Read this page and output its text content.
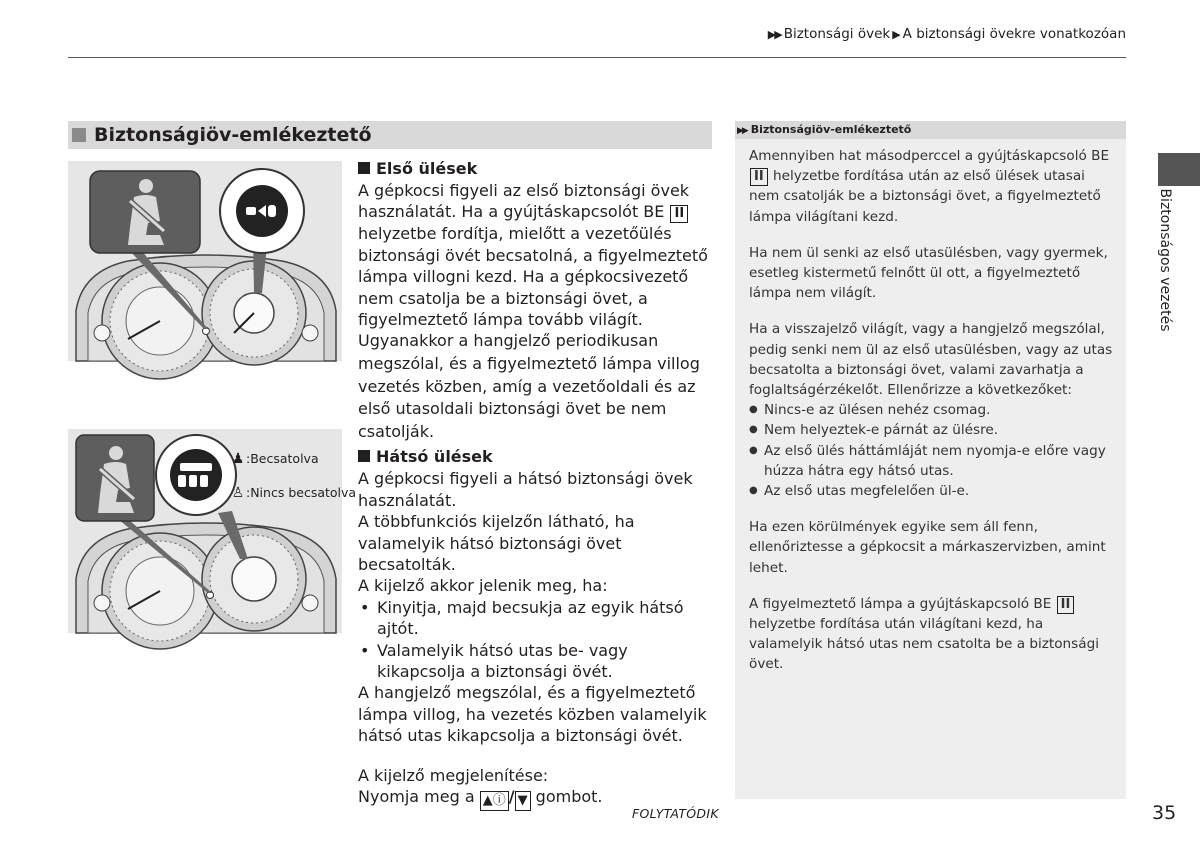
▶▶ Biztonsági övek ▶ A biztonsági övekre vonatkozóan
Biztonságiöv-emlékeztető
♟ :Becsatolva
♙ :Nincs becsatolva
Első ülések

A gépkocsi figyeli az első biztonsági övek használatát. Ha a gyújtáskapcsolót BE II helyzetbe fordítja, mielőtt a vezetőülés biztonsági övét becsatolná, a figyelmeztető lámpa villogni kezd. Ha a gépkocsivezető nem csatolja be a biztonsági övet, a figyelmeztető lámpa tovább világít.

Ugyanakkor a hangjelző periodikusan megszólal, és a figyelmeztető lámpa villog vezetés közben, amíg a vezetőoldali és az első utasoldali biztonsági övet be nem csatolják.

Hátsó ülések

A gépkocsi figyeli a hátsó biztonsági övek használatát.

A többfunkciós kijelzőn látható, ha valamelyik hátsó biztonsági övet becsatolták.

A kijelző akkor jelenik meg, ha:

• Kinyitja, majd becsukja az egyik hátsó ajtót.
• Valamelyik hátsó utas be- vagy kikapcsolja a biztonsági övét.

A hangjelző megszólal, és a figyelmeztető lámpa villog, ha vezetés közben valamelyik hátsó utas kikapcsolja a biztonsági övét.

A kijelző megjelenítése:

Nyomja meg a ▲ⓘ / ▼ gombot.

▶▶ Biztonságiöv-emlékeztető

Amennyiben hat másodperccel a gyújtáskapcsoló BE II helyzetbe fordítása után az első ülések utasai nem csatolják be a biztonsági övet, a figyelmeztető lámpa világítani kezd.

Ha nem ül senki az első utasülésben, vagy gyermek, esetleg kistermetű felnőtt ül ott, a figyelmeztető lámpa nem világít.

Ha a visszajelző világít, vagy a hangjelző megszólal, pedig senki nem ül az első utasülésben, vagy az utas becsatolta a biztonsági övet, valami zavarhatja a foglaltságérzékelőt. Ellenőrizze a következőket:

● Nincs-e az ülésen nehéz csomag.
● Nem helyeztek-e párnát az ülésre.
● Az első ülés háttámláját nem nyomja-e előre vagy húzza hátra egy hátsó utas.
● Az első utas megfelelően ül-e.

Ha ezen körülmények egyike sem áll fenn, ellenőriztesse a gépkocsit a márkaszervizben, amint lehet.

A figyelmeztető lámpa a gyújtáskapcsoló BE II helyzetbe fordítása után világítani kezd, ha valamelyik hátsó utas nem csatolta be a biztonsági övet.

Biztonságos vezetés
FOLYTATÓDIK	35
